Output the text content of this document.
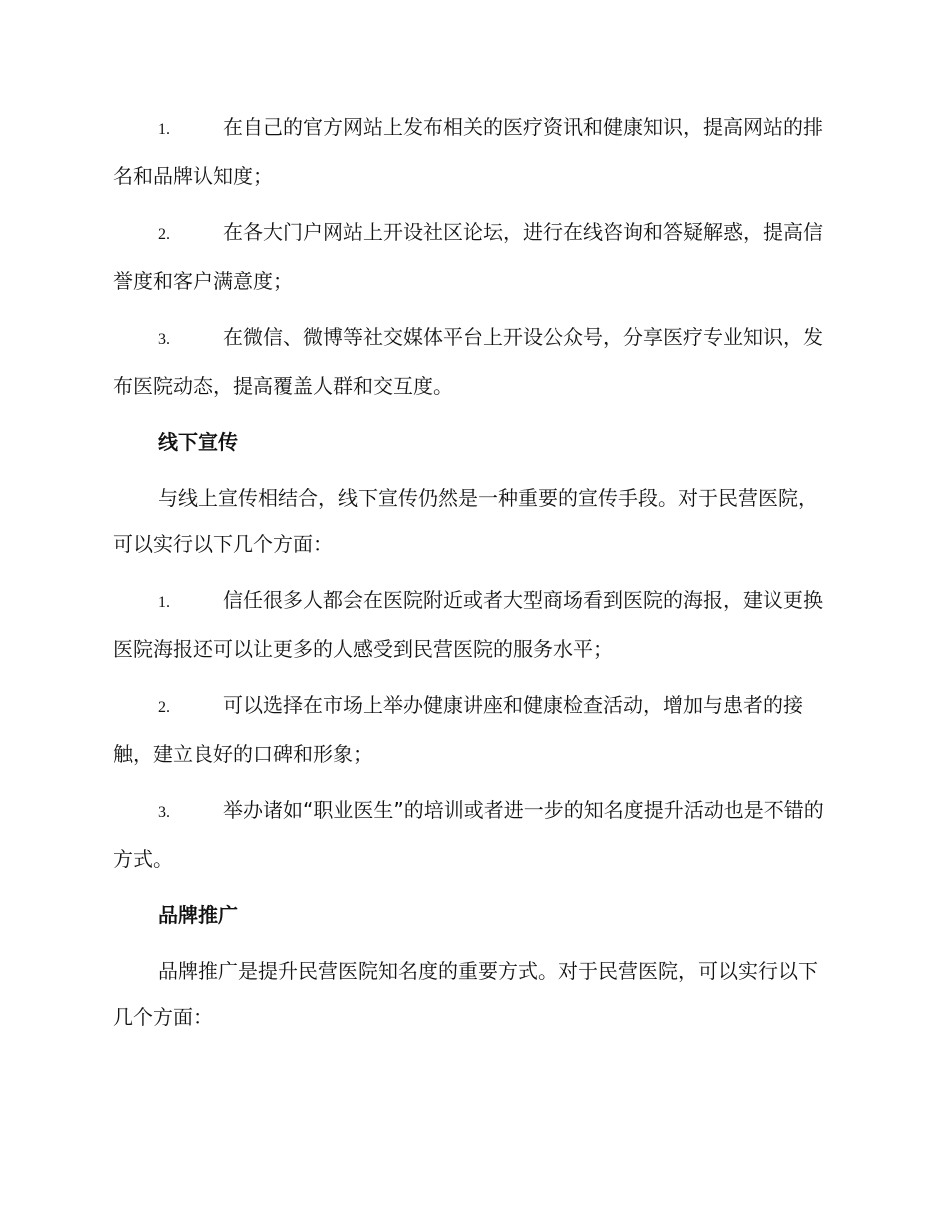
1.	在自己的官方网站上发布相关的医疗资讯和健康知识，提高网站的排名和品牌认知度；
2.	在各大门户网站上开设社区论坛，进行在线咨询和答疑解惑，提高信誉度和客户满意度；
3.	在微信、微博等社交媒体平台上开设公众号，分享医疗专业知识，发布医院动态，提高覆盖人群和交互度。
线下宣传
与线上宣传相结合，线下宣传仍然是一种重要的宣传手段。对于民营医院，可以实行以下几个方面：
1.	信任很多人都会在医院附近或者大型商场看到医院的海报，建议更换医院海报还可以让更多的人感受到民营医院的服务水平；
2.	可以选择在市场上举办健康讲座和健康检查活动，增加与患者的接触，建立良好的口碑和形象；
3.	举办诸如“职业医生”的培训或者进一步的知名度提升活动也是不错的方式。
品牌推广
品牌推广是提升民营医院知名度的重要方式。对于民营医院，可以实行以下几个方面：
